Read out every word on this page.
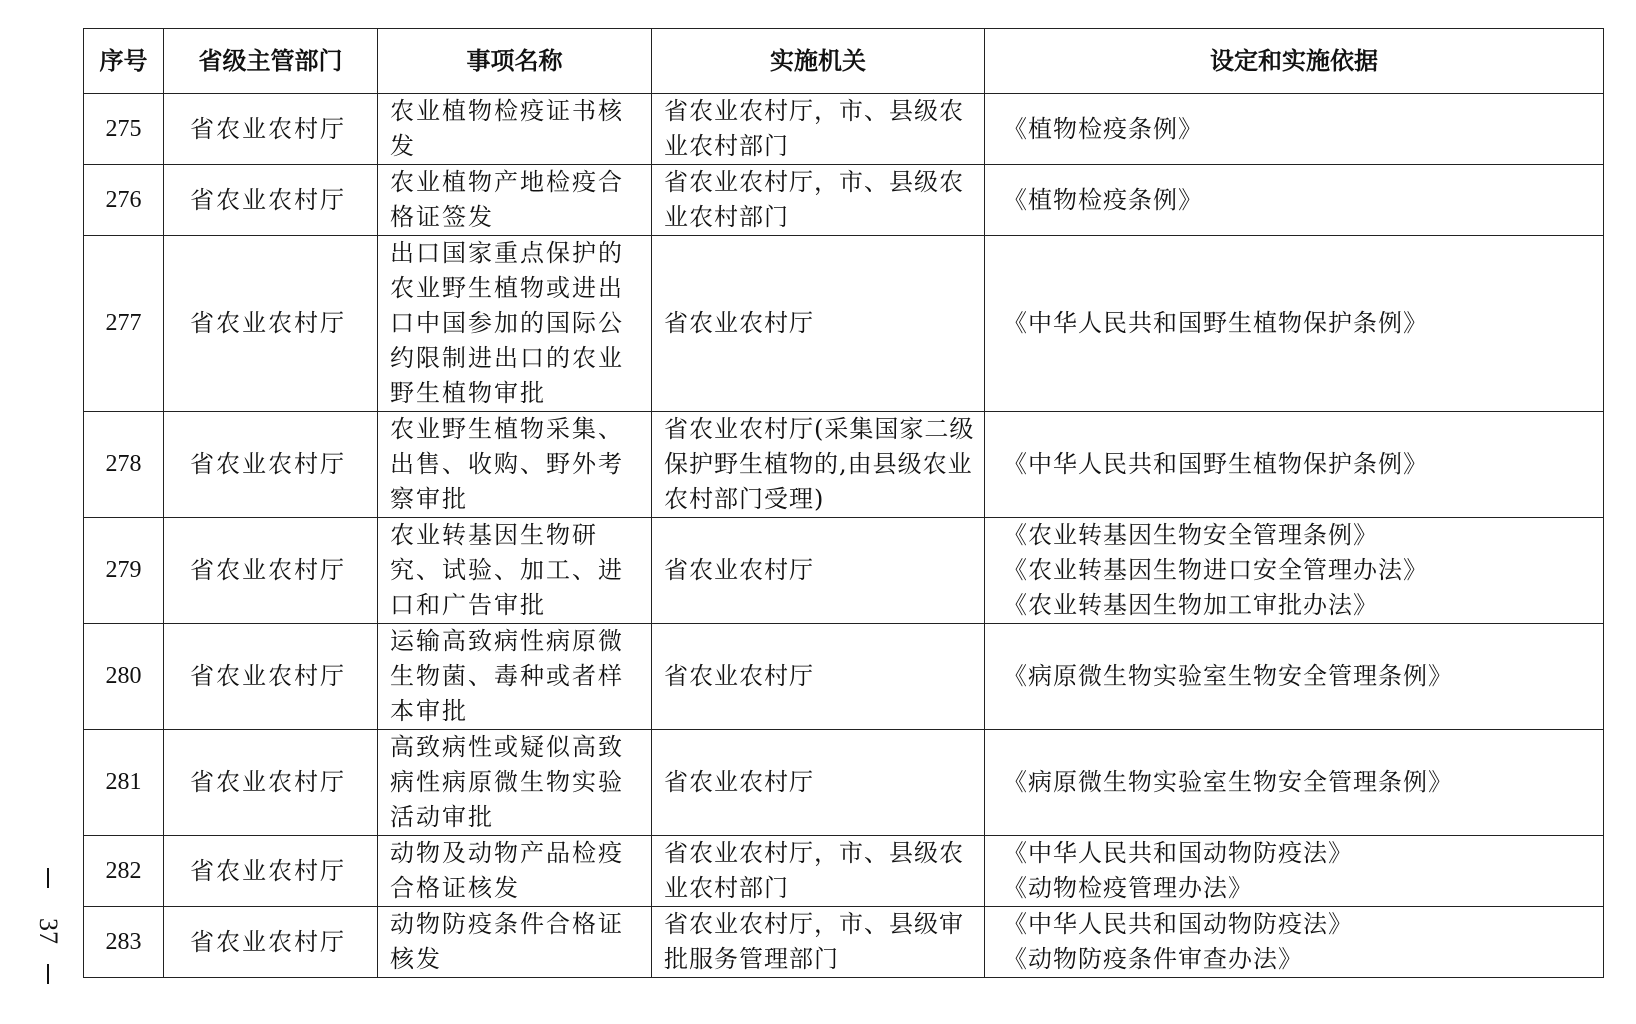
序号	省级主管部门	事项名称	实施机关	设定和实施依据
275	省农业农村厅	农业植物检疫证书核发	省农业农村厅，市、县级农业农村部门	《植物检疫条例》

276	省农业农村厅	农业植物产地检疫合格证签发	省农业农村厅，市、县级农业农村部门	《植物检疫条例》

277	省农业农村厅	出口国家重点保护的农业野生植物或进出口中国参加的国际公约限制进出口的农业野生植物审批	省农业农村厅	《中华人民共和国野生植物保护条例》

278	省农业农村厅	农业野生植物采集、出售、收购、野外考察审批	省农业农村厅(采集国家二级保护野生植物的,由县级农业农村部门受理)	《中华人民共和国野生植物保护条例》

279	省农业农村厅	农业转基因生物研究、试验、加工、进口和广告审批	省农业农村厅	《农业转基因生物安全管理条例》
《农业转基因生物进口安全管理办法》
《农业转基因生物加工审批办法》

280	省农业农村厅	运输高致病性病原微生物菌、毒种或者样本审批	省农业农村厅	《病原微生物实验室生物安全管理条例》

281	省农业农村厅	高致病性或疑似高致病性病原微生物实验活动审批	省农业农村厅	《病原微生物实验室生物安全管理条例》

282	省农业农村厅	动物及动物产品检疫合格证核发	省农业农村厅，市、县级农业农村部门	《中华人民共和国动物防疫法》
《动物检疫管理办法》

283	省农业农村厅	动物防疫条件合格证核发	省农业农村厅，市、县级审批服务管理部门	《中华人民共和国动物防疫法》
《动物防疫条件审查办法》
37
